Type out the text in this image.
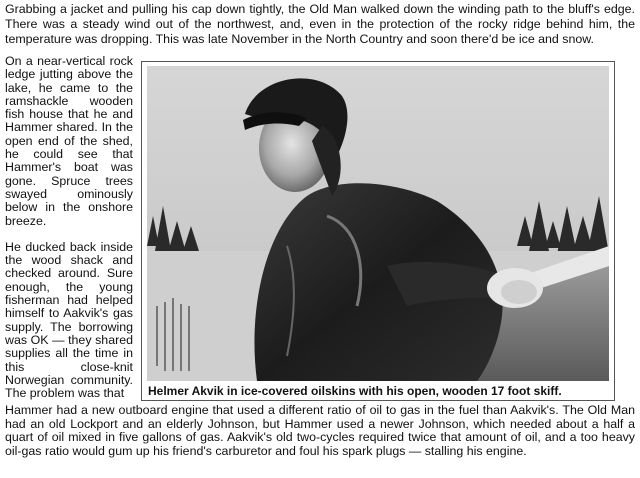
Grabbing a jacket and pulling his cap down tightly, the Old Man walked down the winding path to the bluff's edge. There was a steady wind out of the northwest, and, even in the protection of the rocky ridge behind him, the temperature was dropping. This was late November in the North Country and soon there'd be ice and snow.

On a near-vertical rock ledge jutting above the lake, he came to the ramshackle wooden fish house that he and Hammer shared. In the open end of the shed, he could see that Hammer's boat was gone. Spruce trees swayed ominously below in the onshore breeze.

He ducked back inside the wood shack and checked around. Sure enough, the young fisherman had helped himself to Aakvik's gas supply. The borrowing was OK — they shared supplies all the time in this close-knit Norwegian community. The problem was that	Helmer Akvik in ice-covered oilskins with his open, wooden 17 foot skiff.

Hammer had a new outboard engine that used a different ratio of oil to gas in the fuel than Aakvik's. The Old Man had an old Lockport and an elderly Johnson, but Hammer used a newer Johnson, which needed about a half a quart of oil mixed in five gallons of gas. Aakvik's old two-cycles required twice that amount of oil, and a too heavy oil-gas ratio would gum up his friend's carburetor and foul his spark plugs — stalling his engine.
